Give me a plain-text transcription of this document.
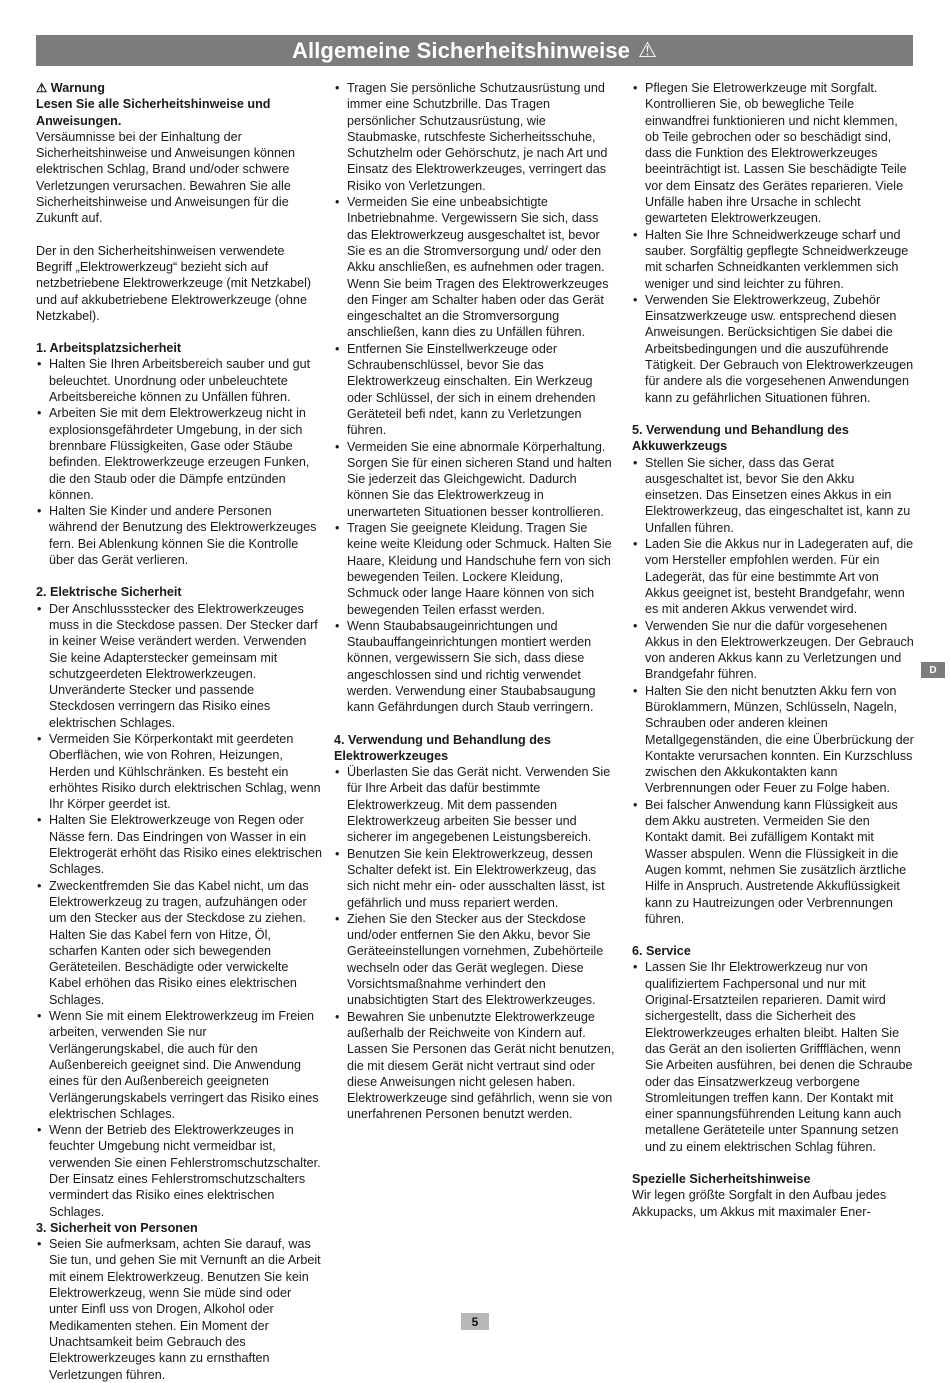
Allgemeine Sicherheitshinweise ⚠

⚠ Warnung

Lesen Sie alle Sicherheitshinweise und Anweisungen.

Versäumnisse bei der Einhaltung der Sicherheitshinweise und Anweisungen können elektrischen Schlag, Brand und/oder schwere Verletzungen verursachen. Bewahren Sie alle Sicherheitshinweise und Anweisungen für die Zukunft auf.

Der in den Sicherheitshinweisen verwendete Begriff „Elektrowerkzeug“ bezieht sich auf netzbetriebene Elektrowerkzeuge (mit Netzkabel) und auf akkubetriebene Elektrowerkzeuge (ohne Netzkabel).

1. Arbeitsplatzsicherheit

• Halten Sie Ihren Arbeitsbereich sauber und gut beleuchtet. Unordnung oder unbeleuchtete Arbeitsbereiche können zu Unfällen führen.
• Arbeiten Sie mit dem Elektrowerkzeug nicht in explosionsgefährdeter Umgebung, in der sich brennbare Flüssigkeiten, Gase oder Stäube befinden. Elektrowerkzeuge erzeugen Funken, die den Staub oder die Dämpfe entzünden können.
• Halten Sie Kinder und andere Personen während der Benutzung des Elektrowerkzeuges fern. Bei Ablenkung können Sie die Kontrolle über das Gerät verlieren.

2. Elektrische Sicherheit

• Der Anschlussstecker des Elektrowerkzeuges muss in die Steckdose passen. Der Stecker darf in keiner Weise verändert werden. Verwenden Sie keine Adapterstecker gemeinsam mit schutzgeerdeten Elektrowerkzeugen. Unveränderte Stecker und passende Steckdosen verringern das Risiko eines elektrischen Schlages.
• Vermeiden Sie Körperkontakt mit geerdeten Oberflächen, wie von Rohren, Heizungen, Herden und Kühlschränken. Es besteht ein erhöhtes Risiko durch elektrischen Schlag, wenn Ihr Körper geerdet ist.
• Halten Sie Elektrowerkzeuge von Regen oder Nässe fern. Das Eindringen von Wasser in ein Elektrogerät erhöht das Risiko eines elektrischen Schlages.
• Zweckentfremden Sie das Kabel nicht, um das Elektrowerkzeug zu tragen, aufzuhängen oder um den Stecker aus der Steckdose zu ziehen. Halten Sie das Kabel fern von Hitze, Öl, scharfen Kanten oder sich bewegenden Geräteteilen. Beschädigte oder verwickelte Kabel erhöhen das Risiko eines elektrischen Schlages.
• Wenn Sie mit einem Elektrowerkzeug im Freien arbeiten, verwenden Sie nur Verlängerungskabel, die auch für den Außenbereich geeignet sind. Die Anwendung eines für den Außenbereich geeigneten Verlängerungskabels verringert das Risiko eines elektrischen Schlages.
• Wenn der Betrieb des Elektrowerkzeuges in feuchter Umgebung nicht vermeidbar ist, verwenden Sie einen Fehlerstromschutzschalter. Der Einsatz eines Fehlerstromschutzschalters vermindert das Risiko eines elektrischen Schlages.

3. Sicherheit von Personen

• Seien Sie aufmerksam, achten Sie darauf, was Sie tun, und gehen Sie mit Vernunft an die Arbeit mit einem Elektrowerkzeug. Benutzen Sie kein Elektrowerkzeug, wenn Sie müde sind oder unter Einfl uss von Drogen, Alkohol oder Medikamenten stehen. Ein Moment der Unachtsamkeit beim Gebrauch des Elektrowerkzeuges kann zu ernsthaften Verletzungen führen.
• Tragen Sie persönliche Schutzausrüstung und immer eine Schutzbrille. Das Tragen persönlicher Schutzausrüstung, wie Staubmaske, rutschfeste Sicherheitsschuhe, Schutzhelm oder Gehörschutz, je nach Art und Einsatz des Elektrowerkzeuges, verringert das Risiko von Verletzungen.
• Vermeiden Sie eine unbeabsichtigte Inbetriebnahme. Vergewissern Sie sich, dass das Elektrowerkzeug ausgeschaltet ist, bevor Sie es an die Stromversorgung und/ oder den Akku anschließen, es aufnehmen oder tragen. Wenn Sie beim Tragen des Elektrowerkzeuges den Finger am Schalter haben oder das Gerät eingeschaltet an die Stromversorgung anschließen, kann dies zu Unfällen führen.
• Entfernen Sie Einstellwerkzeuge oder Schraubenschlüssel, bevor Sie das Elektrowerkzeug einschalten. Ein Werkzeug oder Schlüssel, der sich in einem drehenden Geräteteil befi ndet, kann zu Verletzungen führen.
• Vermeiden Sie eine abnormale Körperhaltung. Sorgen Sie für einen sicheren Stand und halten Sie jederzeit das Gleichgewicht. Dadurch können Sie das Elektrowerkzeug in unerwarteten Situationen besser kontrollieren.
• Tragen Sie geeignete Kleidung. Tragen Sie keine weite Kleidung oder Schmuck. Halten Sie Haare, Kleidung und Handschuhe fern von sich bewegenden Teilen. Lockere Kleidung, Schmuck oder lange Haare können von sich bewegenden Teilen erfasst werden.
• Wenn Staubabsaugeinrichtungen und Staubauffangeinrichtungen montiert werden können, vergewissern Sie sich, dass diese angeschlossen sind und richtig verwendet werden. Verwendung einer Staubabsaugung kann Gefährdungen durch Staub verringern.

4. Verwendung und Behandlung des Elektrowerkzeuges

• Überlasten Sie das Gerät nicht. Verwenden Sie für Ihre Arbeit das dafür bestimmte Elektrowerkzeug. Mit dem passenden Elektrowerkzeug arbeiten Sie besser und sicherer im angegebenen Leistungsbereich.
• Benutzen Sie kein Elektrowerkzeug, dessen Schalter defekt ist. Ein Elektrowerkzeug, das sich nicht mehr ein- oder ausschalten lässt, ist gefährlich und muss repariert werden.
• Ziehen Sie den Stecker aus der Steckdose und/oder entfernen Sie den Akku, bevor Sie Geräteeinstellungen vornehmen, Zubehörteile wechseln oder das Gerät weglegen. Diese Vorsichtsmaßnahme verhindert den unabsichtigten Start des Elektrowerkzeuges.
• Bewahren Sie unbenutzte Elektrowerkzeuge außerhalb der Reichweite von Kindern auf. Lassen Sie Personen das Gerät nicht benutzen, die mit diesem Gerät nicht vertraut sind oder diese Anweisungen nicht gelesen haben. Elektrowerkzeuge sind gefährlich, wenn sie von unerfahrenen Personen benutzt werden.
• Pflegen Sie Eletrowerkzeuge mit Sorgfalt. Kontrollieren Sie, ob bewegliche Teile einwandfrei funktionieren und nicht klemmen, ob Teile gebrochen oder so beschädigt sind, dass die Funktion des Elektrowerkzeuges beeinträchtigt ist. Lassen Sie beschädigte Teile vor dem Einsatz des Gerätes reparieren. Viele Unfälle haben ihre Ursache in schlecht gewarteten Elektrowerkzeugen.
• Halten Sie Ihre Schneidwerkzeuge scharf und sauber. Sorgfältig gepflegte Schneidwerkzeuge mit scharfen Schneidkanten verklemmen sich weniger und sind leichter zu führen.
• Verwenden Sie Elektrowerkzeug, Zubehör Einsatzwerkzeuge usw. entsprechend diesen Anweisungen. Berücksichtigen Sie dabei die Arbeitsbedingungen und die auszuführende Tätigkeit. Der Gebrauch von Elektrowerkzeugen für andere als die vorgesehenen Anwendungen kann zu gefährlichen Situationen führen.

5. Verwendung und Behandlung des Akkuwerkzeugs

• Stellen Sie sicher, dass das Gerat ausgeschaltet ist, bevor Sie den Akku einsetzen. Das Einsetzen eines Akkus in ein Elektrowerkzeug, das eingeschaltet ist, kann zu Unfallen führen.
• Laden Sie die Akkus nur in Ladegeraten auf, die vom Hersteller empfohlen werden. Für ein Ladegerät, das für eine bestimmte Art von Akkus geeignet ist, besteht Brandgefahr, wenn es mit anderen Akkus verwendet wird.
• Verwenden Sie nur die dafür vorgesehenen Akkus in den Elektrowerkzeugen. Der Gebrauch von anderen Akkus kann zu Verletzungen und Brandgefahr führen.
• Halten Sie den nicht benutzten Akku fern von Büroklammern, Münzen, Schlüsseln, Nageln, Schrauben oder anderen kleinen Metallgegenständen, die eine Überbrückung der Kontakte verursachen konnten. Ein Kurzschluss zwischen den Akkukontakten kann Verbrennungen oder Feuer zu Folge haben.
• Bei falscher Anwendung kann Flüssigkeit aus dem Akku austreten. Vermeiden Sie den Kontakt damit. Bei zufälligem Kontakt mit Wasser abspulen. Wenn die Flüssigkeit in die Augen kommt, nehmen Sie zusätzlich ärztliche Hilfe in Anspruch. Austretende Akkuflüssigkeit kann zu Hautreizungen oder Verbrennungen führen.

6. Service

• Lassen Sie Ihr Elektrowerkzeug nur von qualifiziertem Fachpersonal und nur mit Original-Ersatzteilen reparieren. Damit wird sichergestellt, dass die Sicherheit des Elektrowerkzeuges erhalten bleibt. Halten Sie das Gerät an den isolierten Griffflächen, wenn Sie Arbeiten ausführen, bei denen die Schraube oder das Einsatzwerkzeug verborgene Stromleitungen treffen kann. Der Kontakt mit einer spannungsführenden Leitung kann auch metallene Geräteteile unter Spannung setzen und zu einem elektrischen Schlag führen.

Spezielle Sicherheitshinweise

Wir legen größte Sorgfalt in den Aufbau jedes Akkupacks, um Akkus mit maximaler Ener-

D
5
